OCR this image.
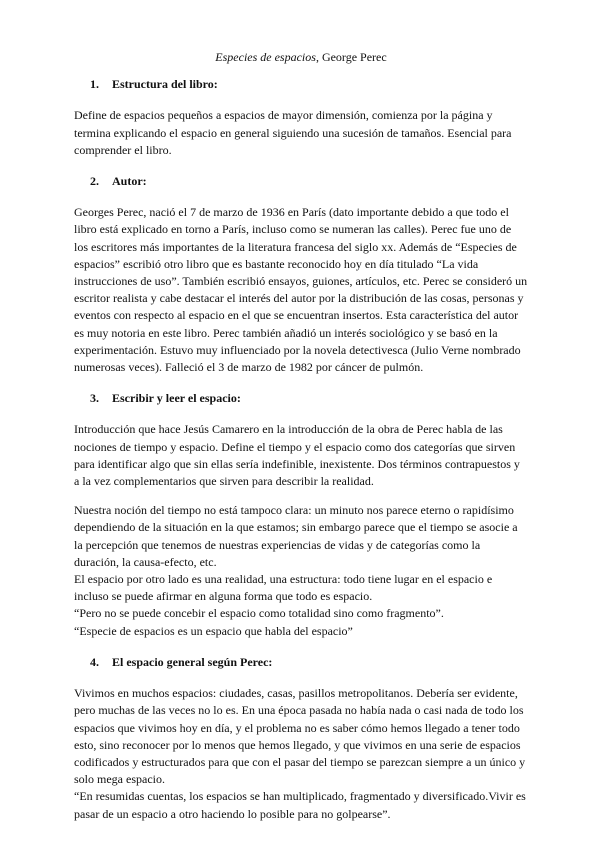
Especies de espacios, George Perec
1.	Estructura del libro:

Define de espacios pequeños a espacios de mayor dimensión, comienza por la página y termina explicando el espacio en general siguiendo una sucesión de tamaños. Esencial para comprender el libro.

2.	Autor:

Georges Perec, nació el 7 de marzo de 1936 en París (dato importante debido a que todo el libro está explicado en torno a París, incluso como se numeran las calles). Perec fue uno de los escritores más importantes de la literatura francesa del siglo xx. Además de “Especies de espacios” escribió otro libro que es bastante reconocido hoy en día titulado “La vida instrucciones de uso”. También escribió ensayos, guiones, artículos, etc. Perec se consideró un escritor realista y cabe destacar el interés del autor por la distribución de las cosas, personas y eventos con respecto al espacio en el que se encuentran insertos. Esta característica del autor es muy notoria en este libro. Perec también añadió un interés sociológico y se basó en la experimentación. Estuvo muy influenciado por la novela detectivesca (Julio Verne nombrado numerosas veces). Falleció el 3 de marzo de 1982 por cáncer de pulmón.

3.	Escribir y leer el espacio:

Introducción que hace Jesús Camarero en la introducción de la obra de Perec habla de las nociones de tiempo y espacio. Define el tiempo y el espacio como dos categorías que sirven para identificar algo que sin ellas sería indefinible, inexistente. Dos términos contrapuestos y a la vez complementarios que sirven para describir la realidad.

Nuestra noción del tiempo no está tampoco clara: un minuto nos parece eterno o rapidísimo dependiendo de la situación en la que estamos; sin embargo parece que el tiempo se asocie a la percepción que tenemos de nuestras experiencias de vidas y de categorías como la duración, la causa-efecto, etc.

El espacio por otro lado es una realidad, una estructura: todo tiene lugar en el espacio e incluso se puede afirmar en alguna forma que todo es espacio.

“Pero no se puede concebir el espacio como totalidad sino como fragmento”.

“Especie de espacios es un espacio que habla del espacio”

4.	El espacio general según Perec:

Vivimos en muchos espacios: ciudades, casas, pasillos metropolitanos. Debería ser evidente, pero muchas de las veces no lo es. En una época pasada no había nada o casi nada de todo los espacios que vivimos hoy en día, y el problema no es saber cómo hemos llegado a tener todo esto, sino reconocer por lo menos que hemos llegado, y que vivimos en una serie de espacios codificados y estructurados para que con el pasar del tiempo se parezcan siempre a un único y solo mega espacio.

“En resumidas cuentas, los espacios se han multiplicado, fragmentado y diversificado.Vivir es pasar de un espacio a otro haciendo lo posible para no golpearse”.
